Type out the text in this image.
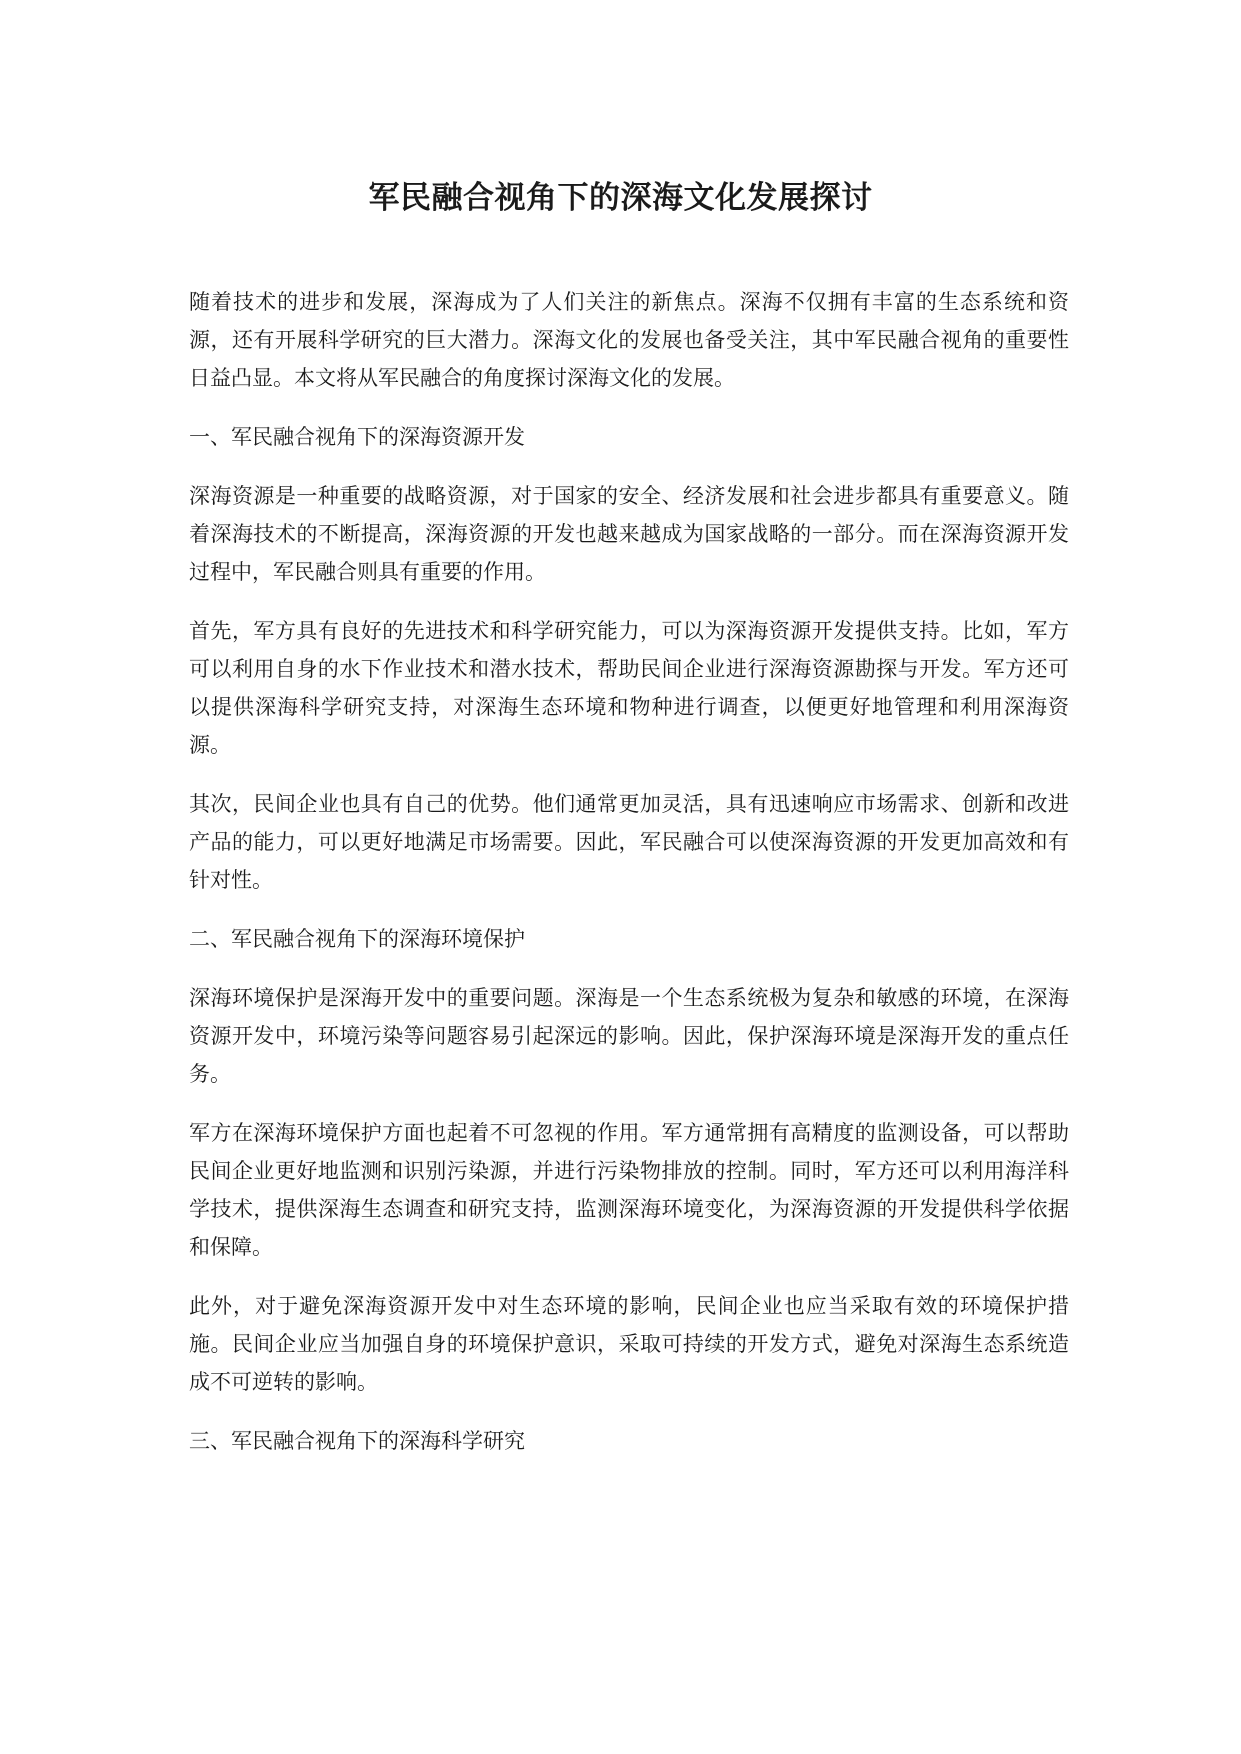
军民融合视角下的深海文化发展探讨

随着技术的进步和发展，深海成为了人们关注的新焦点。深海不仅拥有丰富的生态系统和资源，还有开展科学研究的巨大潜力。深海文化的发展也备受关注，其中军民融合视角的重要性日益凸显。本文将从军民融合的角度探讨深海文化的发展。

一、军民融合视角下的深海资源开发

深海资源是一种重要的战略资源，对于国家的安全、经济发展和社会进步都具有重要意义。随着深海技术的不断提高，深海资源的开发也越来越成为国家战略的一部分。而在深海资源开发过程中，军民融合则具有重要的作用。

首先，军方具有良好的先进技术和科学研究能力，可以为深海资源开发提供支持。比如，军方可以利用自身的水下作业技术和潜水技术，帮助民间企业进行深海资源勘探与开发。军方还可以提供深海科学研究支持，对深海生态环境和物种进行调查，以便更好地管理和利用深海资源。

其次，民间企业也具有自己的优势。他们通常更加灵活，具有迅速响应市场需求、创新和改进产品的能力，可以更好地满足市场需要。因此，军民融合可以使深海资源的开发更加高效和有针对性。

二、军民融合视角下的深海环境保护

深海环境保护是深海开发中的重要问题。深海是一个生态系统极为复杂和敏感的环境，在深海资源开发中，环境污染等问题容易引起深远的影响。因此，保护深海环境是深海开发的重点任务。

军方在深海环境保护方面也起着不可忽视的作用。军方通常拥有高精度的监测设备，可以帮助民间企业更好地监测和识别污染源，并进行污染物排放的控制。同时，军方还可以利用海洋科学技术，提供深海生态调查和研究支持，监测深海环境变化，为深海资源的开发提供科学依据和保障。

此外，对于避免深海资源开发中对生态环境的影响，民间企业也应当采取有效的环境保护措施。民间企业应当加强自身的环境保护意识，采取可持续的开发方式，避免对深海生态系统造成不可逆转的影响。

三、军民融合视角下的深海科学研究
